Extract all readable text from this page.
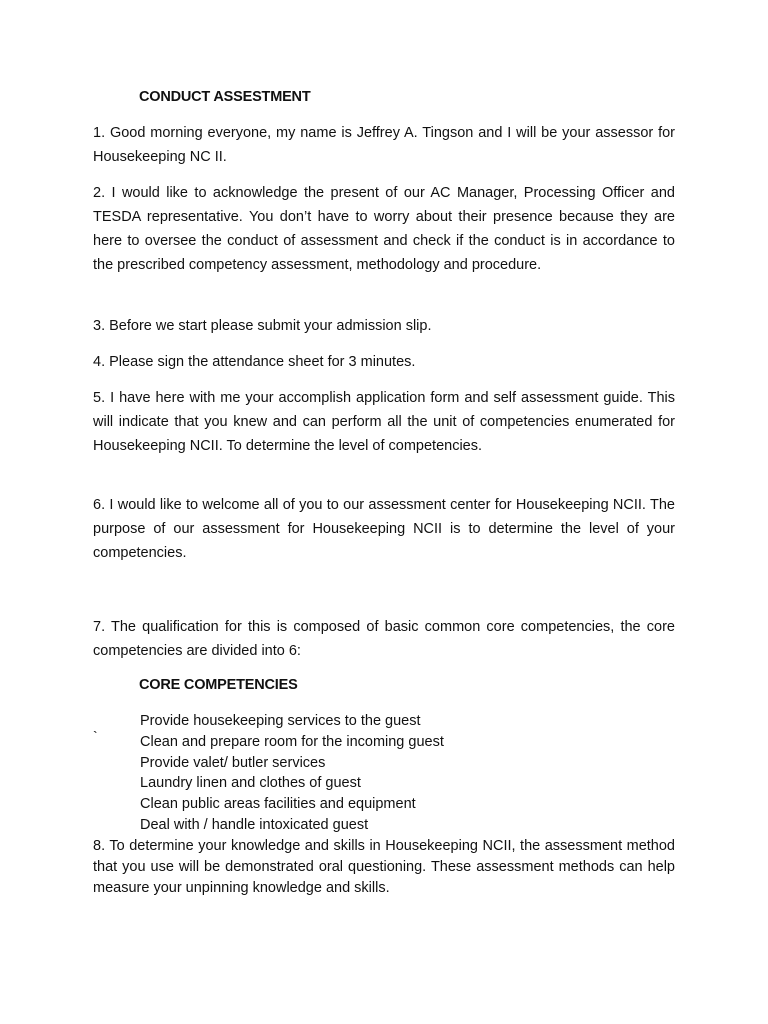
CONDUCT ASSESTMENT

1. Good morning everyone, my name is Jeffrey A. Tingson and I will be your assessor for Housekeeping NC II.

2. I would like to acknowledge the present of our AC Manager, Processing Officer and TESDA representative. You don’t have to worry about their presence because they are here to oversee the conduct of assessment and check if the conduct is in accordance to the prescribed competency assessment, methodology and procedure.

3. Before we start please submit your admission slip.

4. Please sign the attendance sheet for 3 minutes.

5. I have here with me your accomplish application form and self assessment guide. This will indicate that you knew and can perform all the unit of competencies enumerated for Housekeeping NCII. To determine the level of competencies.

6. I would like to welcome all of you to our assessment center for Housekeeping NCII. The purpose of our assessment for Housekeeping NCII is to determine the level of your competencies.

7. The qualification for this is composed of basic common core competencies, the core competencies are divided into 6:

CORE COMPETENCIES
`
Provide housekeeping services to the guest
Clean and prepare room for the incoming guest
Provide valet/ butler services
Laundry linen and clothes of guest
Clean public areas facilities and equipment
Deal with / handle intoxicated guest

8. To determine your knowledge and skills in Housekeeping NCII, the assessment method that you use will be demonstrated oral questioning. These assessment methods can help measure your unpinning knowledge and skills.
